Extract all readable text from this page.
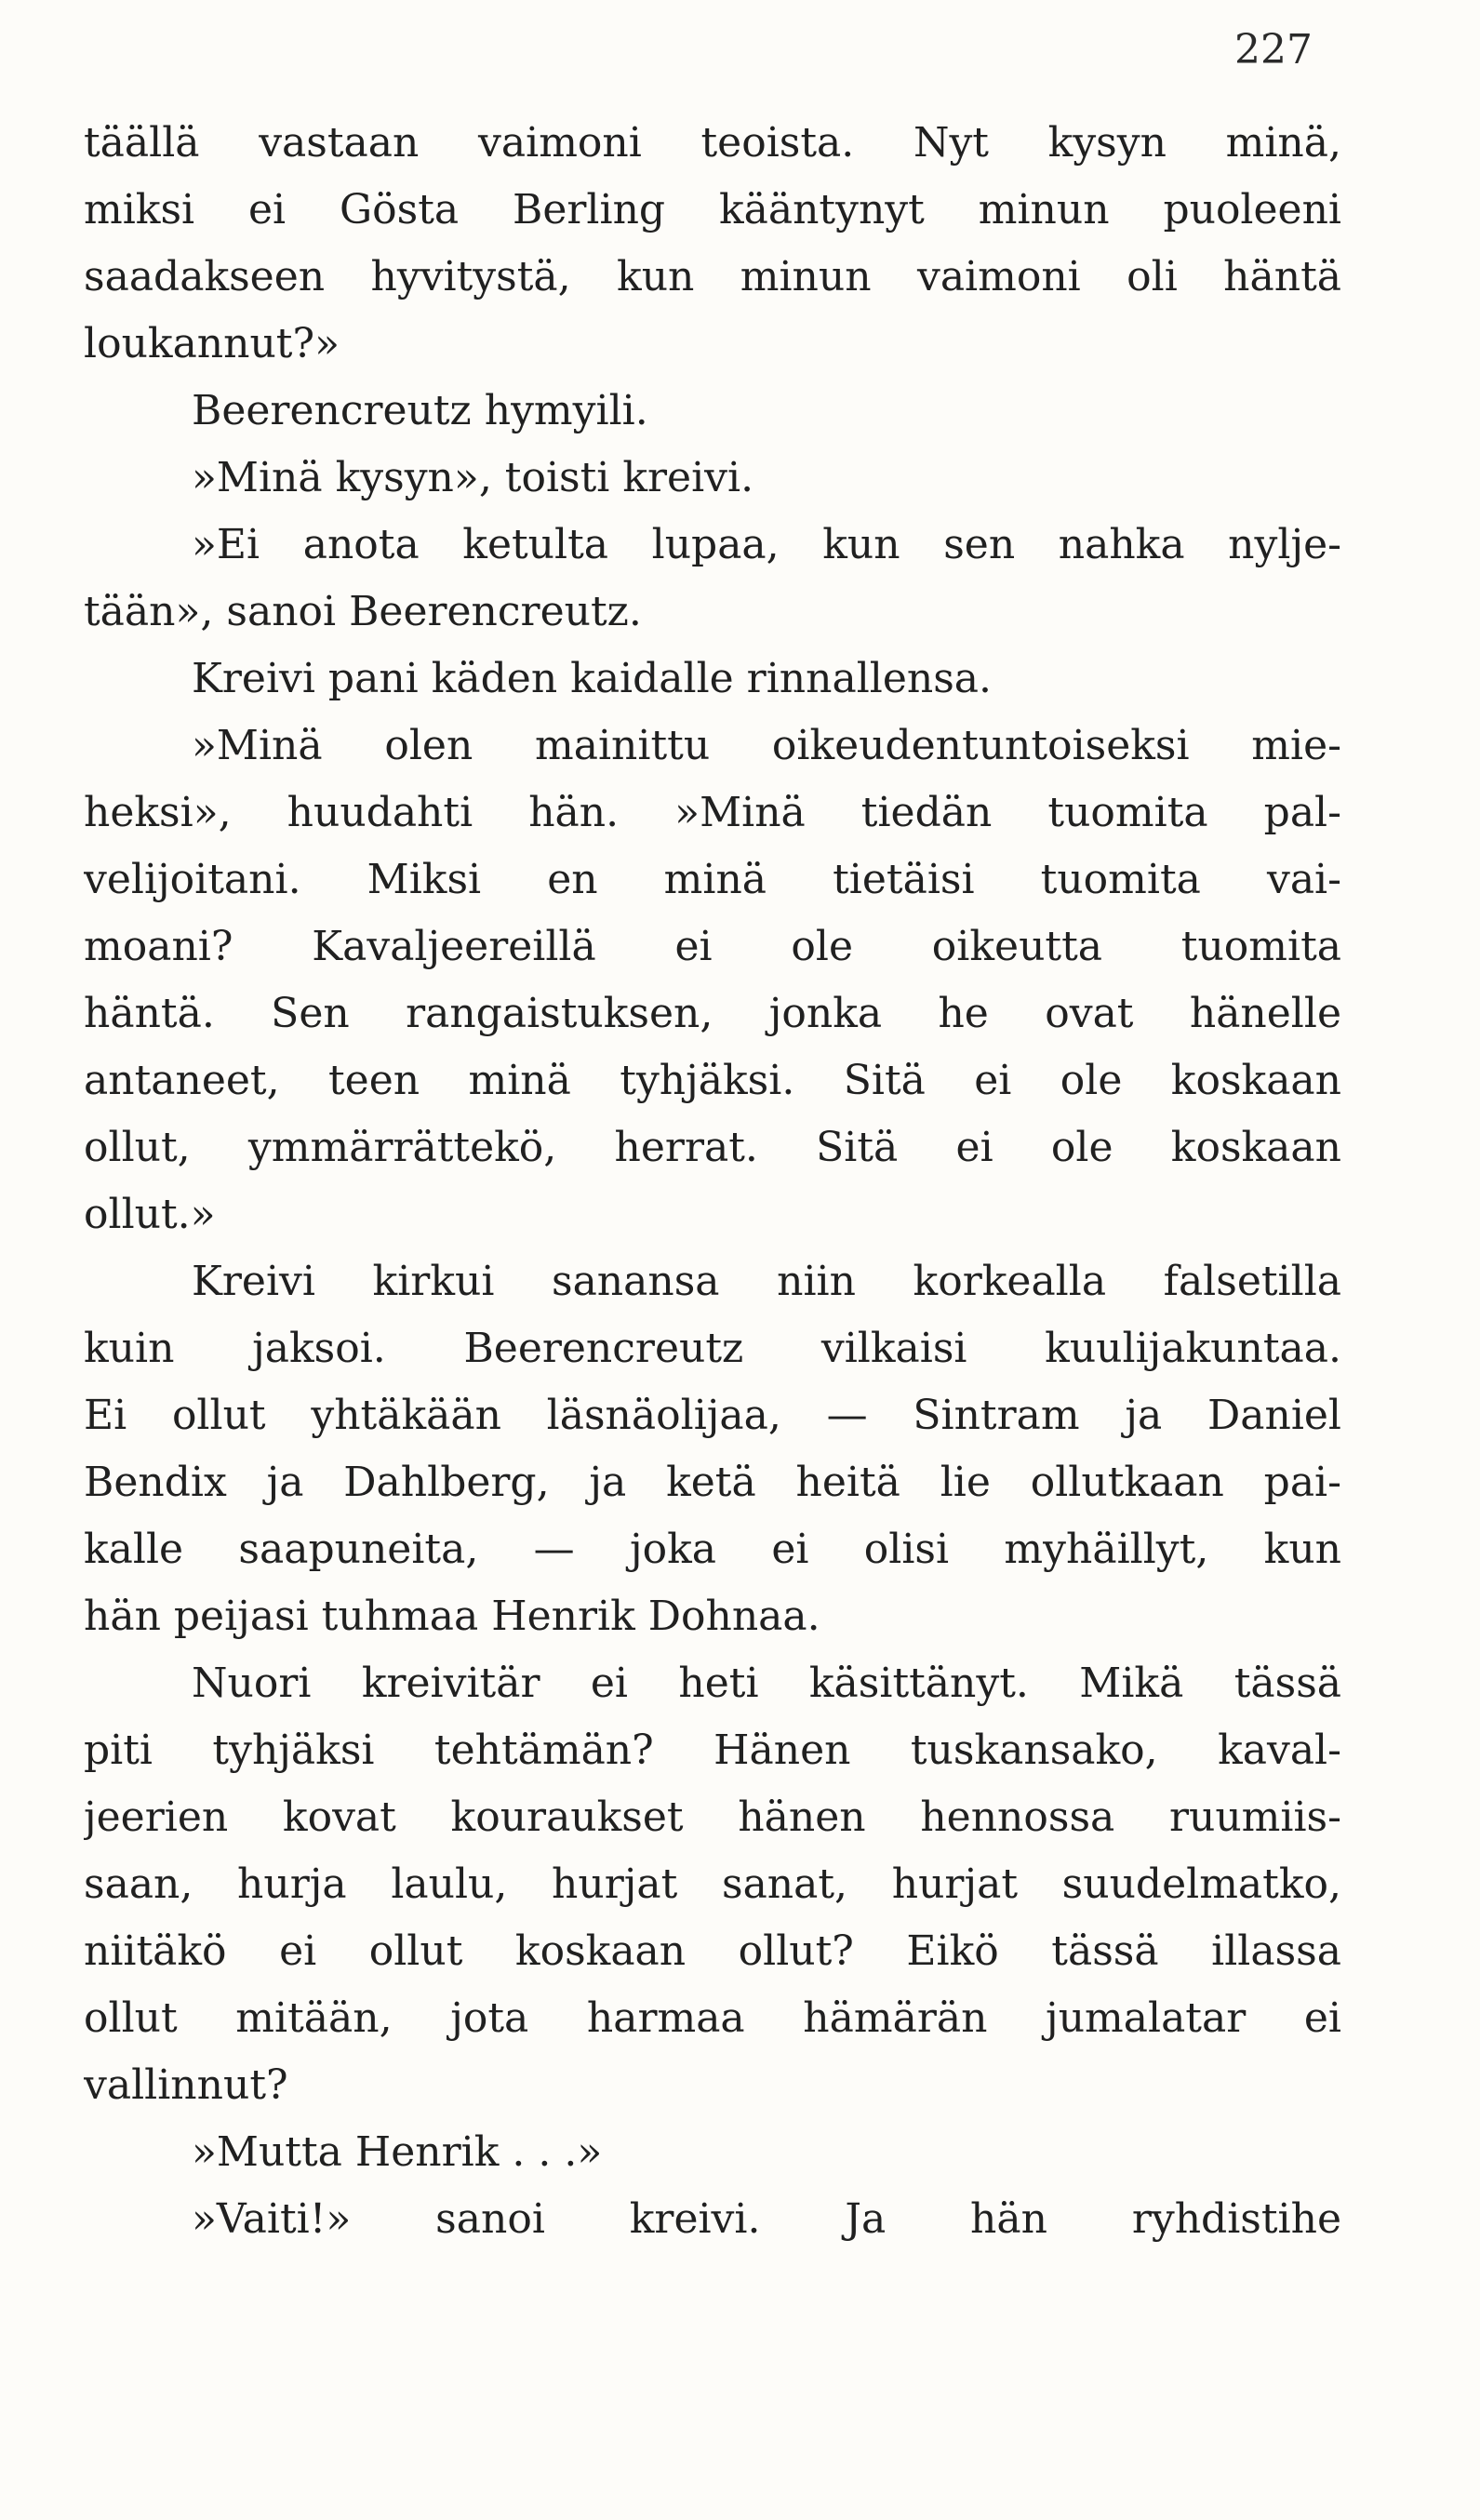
227
täällä vastaan vaimoni teoista. Nyt kysyn minä,
miksi ei Gösta Berling kääntynyt minun puoleeni
saadakseen hyvitystä, kun minun vaimoni oli häntä
loukannut?»
Beerencreutz hymyili.
»Minä kysyn», toisti kreivi.
»Ei anota ketulta lupaa, kun sen nahka nylje-
tään», sanoi Beerencreutz.
Kreivi pani käden kaidalle rinnallensa.
»Minä olen mainittu oikeudentuntoiseksi mie-
heksi», huudahti hän. »Minä tiedän tuomita pal-
velijoitani. Miksi en minä tietäisi tuomita vai-
moani? Kavaljeereillä ei ole oikeutta tuomita
häntä. Sen rangaistuksen, jonka he ovat hänelle
antaneet, teen minä tyhjäksi. Sitä ei ole koskaan
ollut, ymmärrättekö, herrat. Sitä ei ole koskaan
ollut.»
Kreivi kirkui sanansa niin korkealla falsetilla
kuin jaksoi. Beerencreutz vilkaisi kuulijakuntaa.
Ei ollut yhtäkään läsnäolijaa, — Sintram ja Daniel
Bendix ja Dahlberg, ja ketä heitä lie ollutkaan pai-
kalle saapuneita, — joka ei olisi myhäillyt, kun
hän peijasi tuhmaa Henrik Dohnaa.
Nuori kreivitär ei heti käsittänyt. Mikä tässä
piti tyhjäksi tehtämän? Hänen tuskansako, kaval-
jeerien kovat kouraukset hänen hennossa ruumiis-
saan, hurja laulu, hurjat sanat, hurjat suudelmatko,
niitäkö ei ollut koskaan ollut? Eikö tässä illassa
ollut mitään, jota harmaa hämärän jumalatar ei
vallinnut?
»Mutta Henrik . . .»
»Vaiti!» sanoi kreivi. Ja hän ryhdistihe
